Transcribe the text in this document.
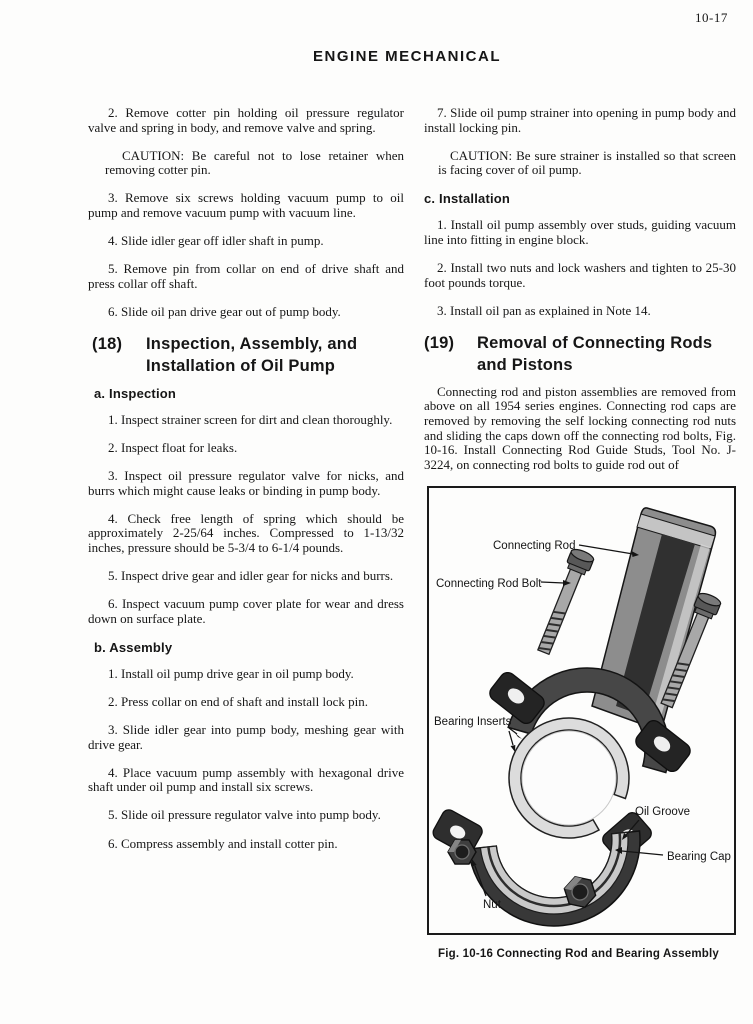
10-17
ENGINE MECHANICAL

2. Remove cotter pin holding oil pressure regulator valve and spring in body, and remove valve and spring.

CAUTION: Be careful not to lose retainer when removing cotter pin.

3. Remove six screws holding vacuum pump to oil pump and remove vacuum pump with vacuum line.

4. Slide idler gear off idler shaft in pump.

5. Remove pin from collar on end of drive shaft and press collar off shaft.

6. Slide oil pan drive gear out of pump body.

(18) Inspection, Assembly, and
Installation of Oil Pump
a. Inspection

1. Inspect strainer screen for dirt and clean thoroughly.

2. Inspect float for leaks.

3. Inspect oil pressure regulator valve for nicks, and burrs which might cause leaks or binding in pump body.

4. Check free length of spring which should be approximately 2-25/64 inches. Compressed to 1-13/32 inches, pressure should be 5-3/4 to 6-1/4 pounds.

5. Inspect drive gear and idler gear for nicks and burrs.

6. Inspect vacuum pump cover plate for wear and dress down on surface plate.

b. Assembly

1. Install oil pump drive gear in oil pump body.

2. Press collar on end of shaft and install lock pin.

3. Slide idler gear into pump body, meshing gear with drive gear.

4. Place vacuum pump assembly with hexagonal drive shaft under oil pump and install six screws.

5. Slide oil pressure regulator valve into pump body.

6. Compress assembly and install cotter pin.

7. Slide oil pump strainer into opening in pump body and install locking pin.

CAUTION: Be sure strainer is installed so that screen is facing cover of oil pump.

c. Installation

1. Install oil pump assembly over studs, guiding vacuum line into fitting in engine block.

2. Install two nuts and lock washers and tighten to 25-30 foot pounds torque.

3. Install oil pan as explained in Note 14.

(19) Removal of Connecting Rods
and Pistons

Connecting rod and piston assemblies are removed from above on all 1954 series engines. Connecting rod caps are removed by removing the self locking connecting rod nuts and sliding the caps down off the connecting rod bolts, Fig. 10-16. Install Connecting Rod Guide Studs, Tool No. J-3224, on connecting rod bolts to guide rod out of

Connecting Rod
Connecting Rod Bolt
Bearing Inserts
Oil Groove
Bearing Cap
Nut
Fig. 10-16 Connecting Rod and Bearing Assembly
